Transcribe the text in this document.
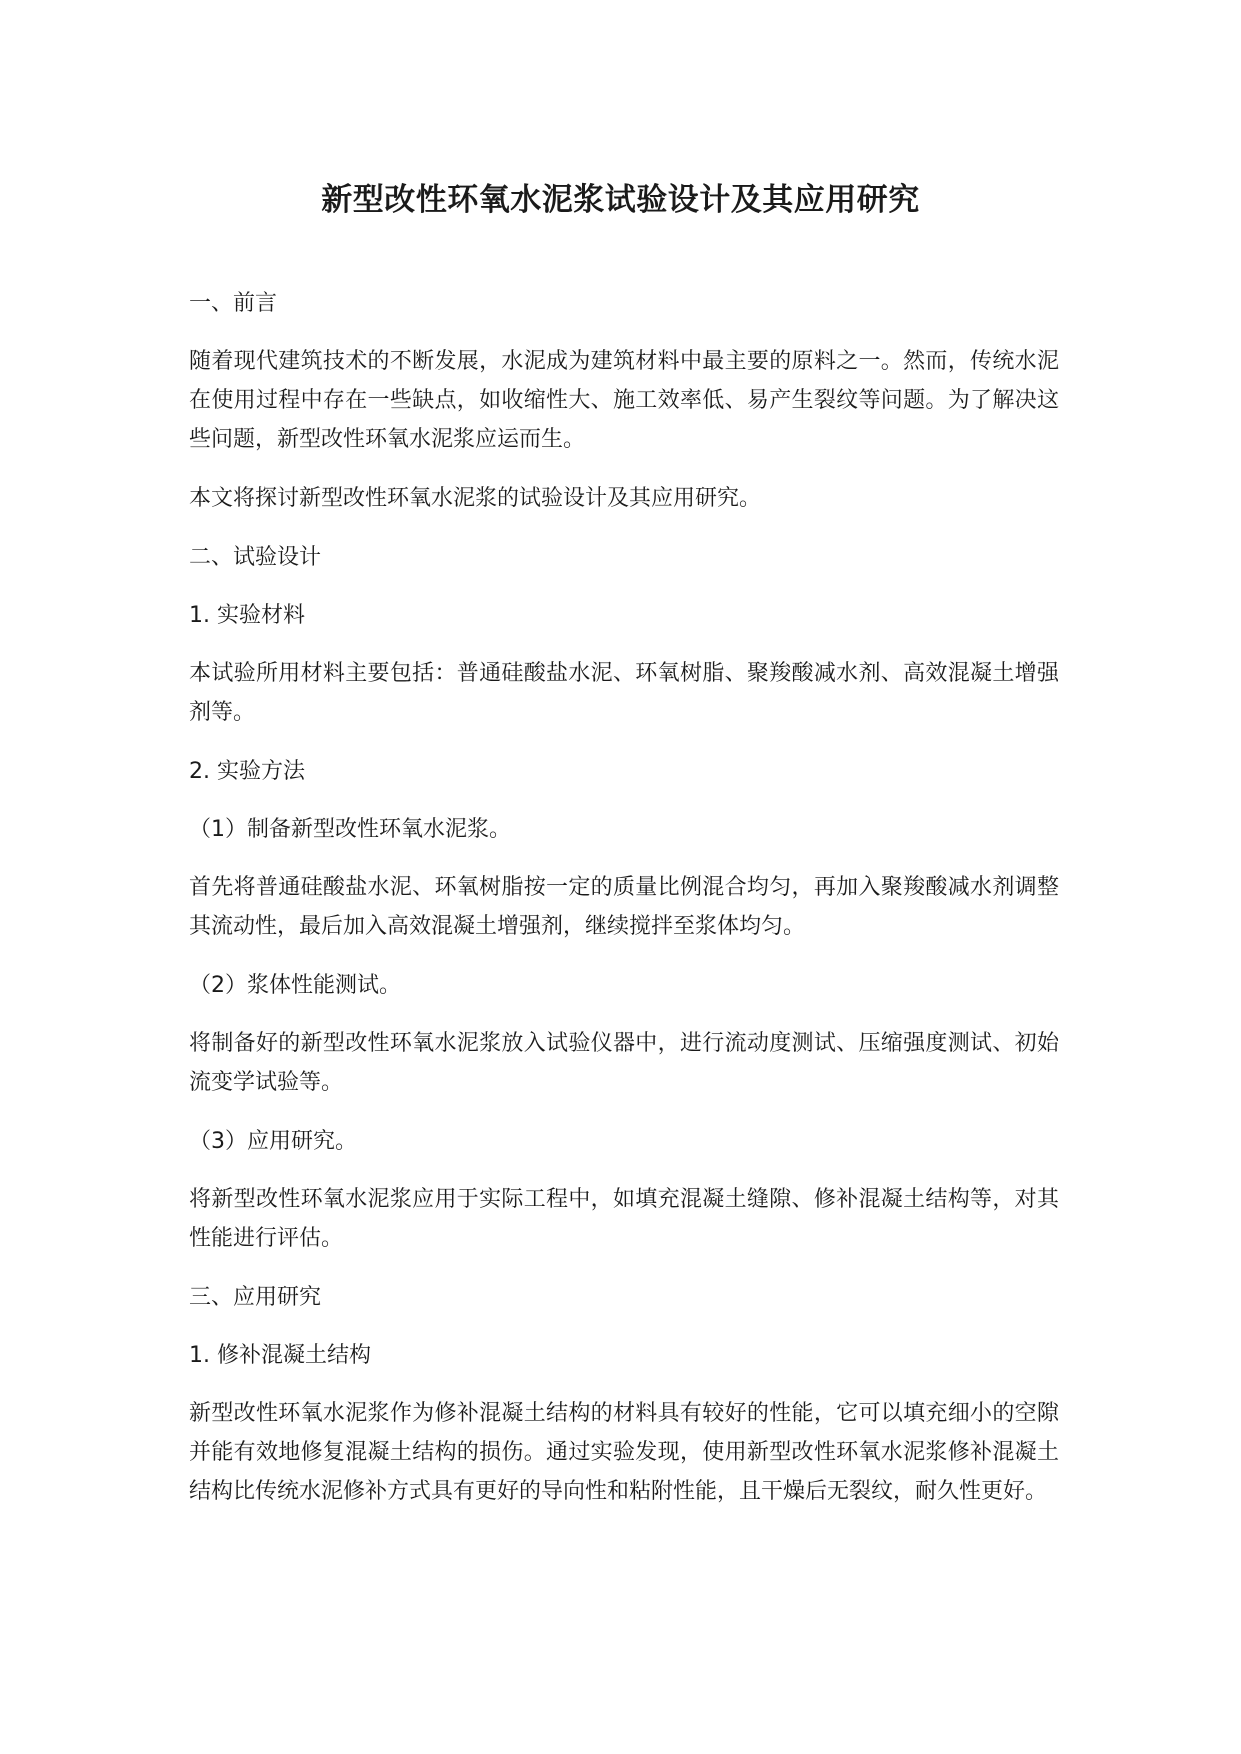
新型改性环氧水泥浆试验设计及其应用研究

一、前言

随着现代建筑技术的不断发展，水泥成为建筑材料中最主要的原料之一。然而，传统水泥在使用过程中存在一些缺点，如收缩性大、施工效率低、易产生裂纹等问题。为了解决这些问题，新型改性环氧水泥浆应运而生。

本文将探讨新型改性环氧水泥浆的试验设计及其应用研究。

二、试验设计

1. 实验材料

本试验所用材料主要包括：普通硅酸盐水泥、环氧树脂、聚羧酸减水剂、高效混凝土增强剂等。

2. 实验方法

（1）制备新型改性环氧水泥浆。

首先将普通硅酸盐水泥、环氧树脂按一定的质量比例混合均匀，再加入聚羧酸减水剂调整其流动性，最后加入高效混凝土增强剂，继续搅拌至浆体均匀。

（2）浆体性能测试。

将制备好的新型改性环氧水泥浆放入试验仪器中，进行流动度测试、压缩强度测试、初始流变学试验等。

（3）应用研究。

将新型改性环氧水泥浆应用于实际工程中，如填充混凝土缝隙、修补混凝土结构等，对其性能进行评估。

三、应用研究

1. 修补混凝土结构

新型改性环氧水泥浆作为修补混凝土结构的材料具有较好的性能，它可以填充细小的空隙并能有效地修复混凝土结构的损伤。通过实验发现，使用新型改性环氧水泥浆修补混凝土结构比传统水泥修补方式具有更好的导向性和粘附性能，且干燥后无裂纹，耐久性更好。
